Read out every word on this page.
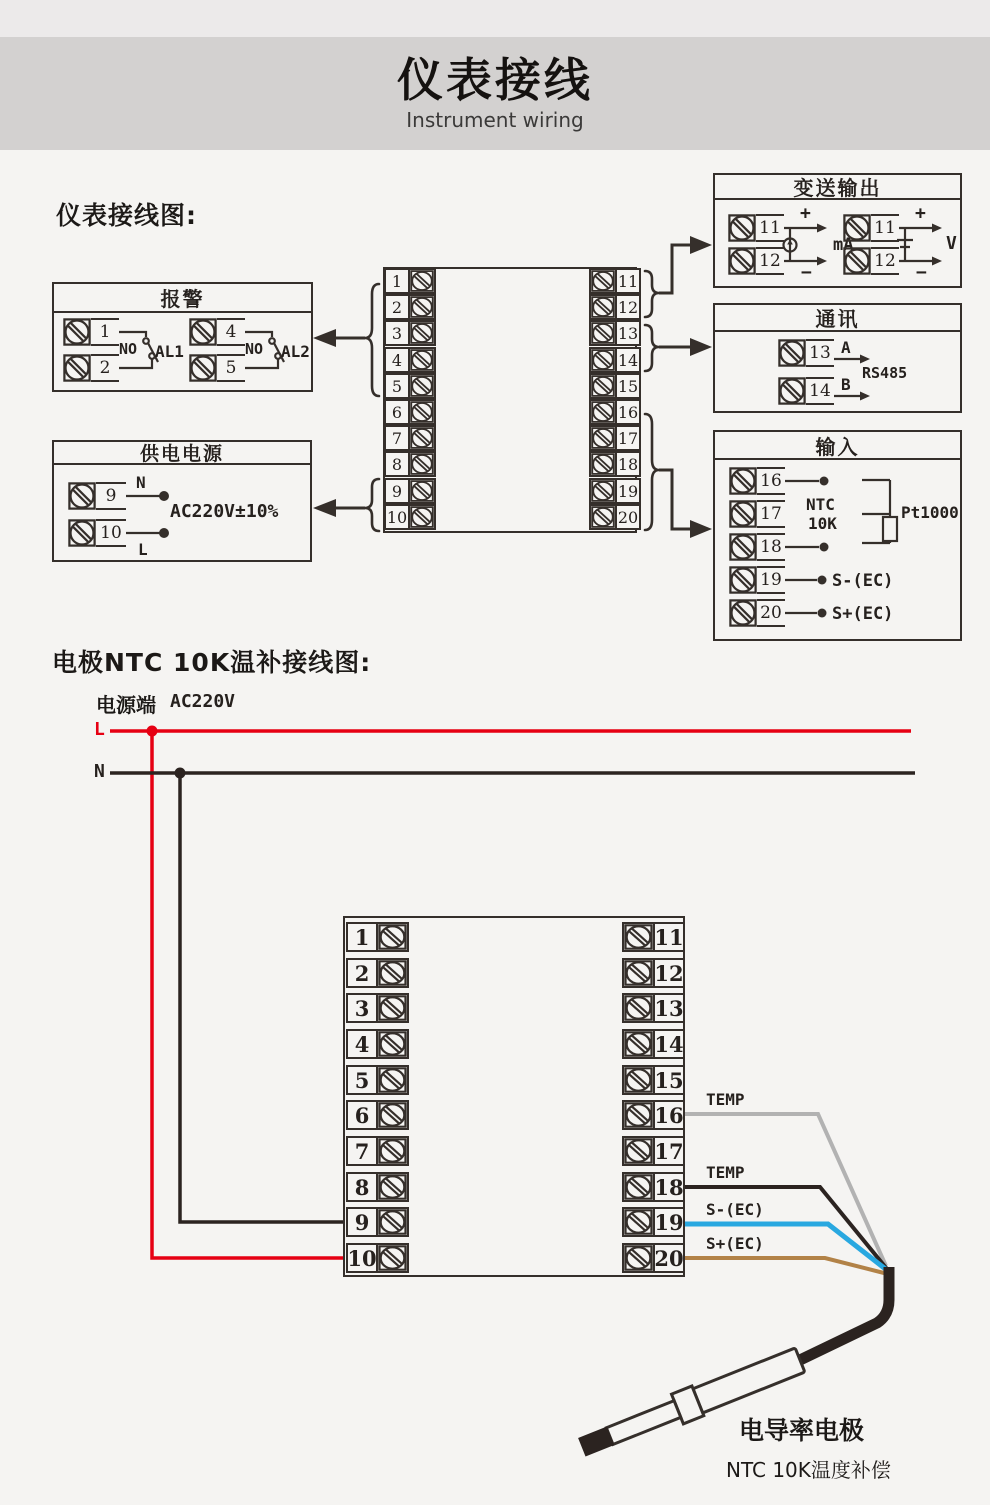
仪表接线
Instrument wiring
仪表接线图:
报警
1
2
NO AL1
4
5
NO AL2
供电电源
9
10
N
L
AC220V±10%
变送输出
11
12
+
−
mA
11
12
+
−
V
通讯
13
14
A
B
RS485
输入
16
17
18
19
20
NTC
10K
Pt1000
S-(EC)
S+(EC)
1
2
3
4
5
6
7
8
9
10
11
12
13
14
15
16
17
18
19
20
电极NTC 10K温补接线图:
电源端 AC220V
L
N
1
2
3
4
5
6
7
8
9
10
11
12
13
14
15
16
17
18
19
20
TEMP
TEMP
S-(EC)
S+(EC)
电导率电极
NTC 10K温度补偿
